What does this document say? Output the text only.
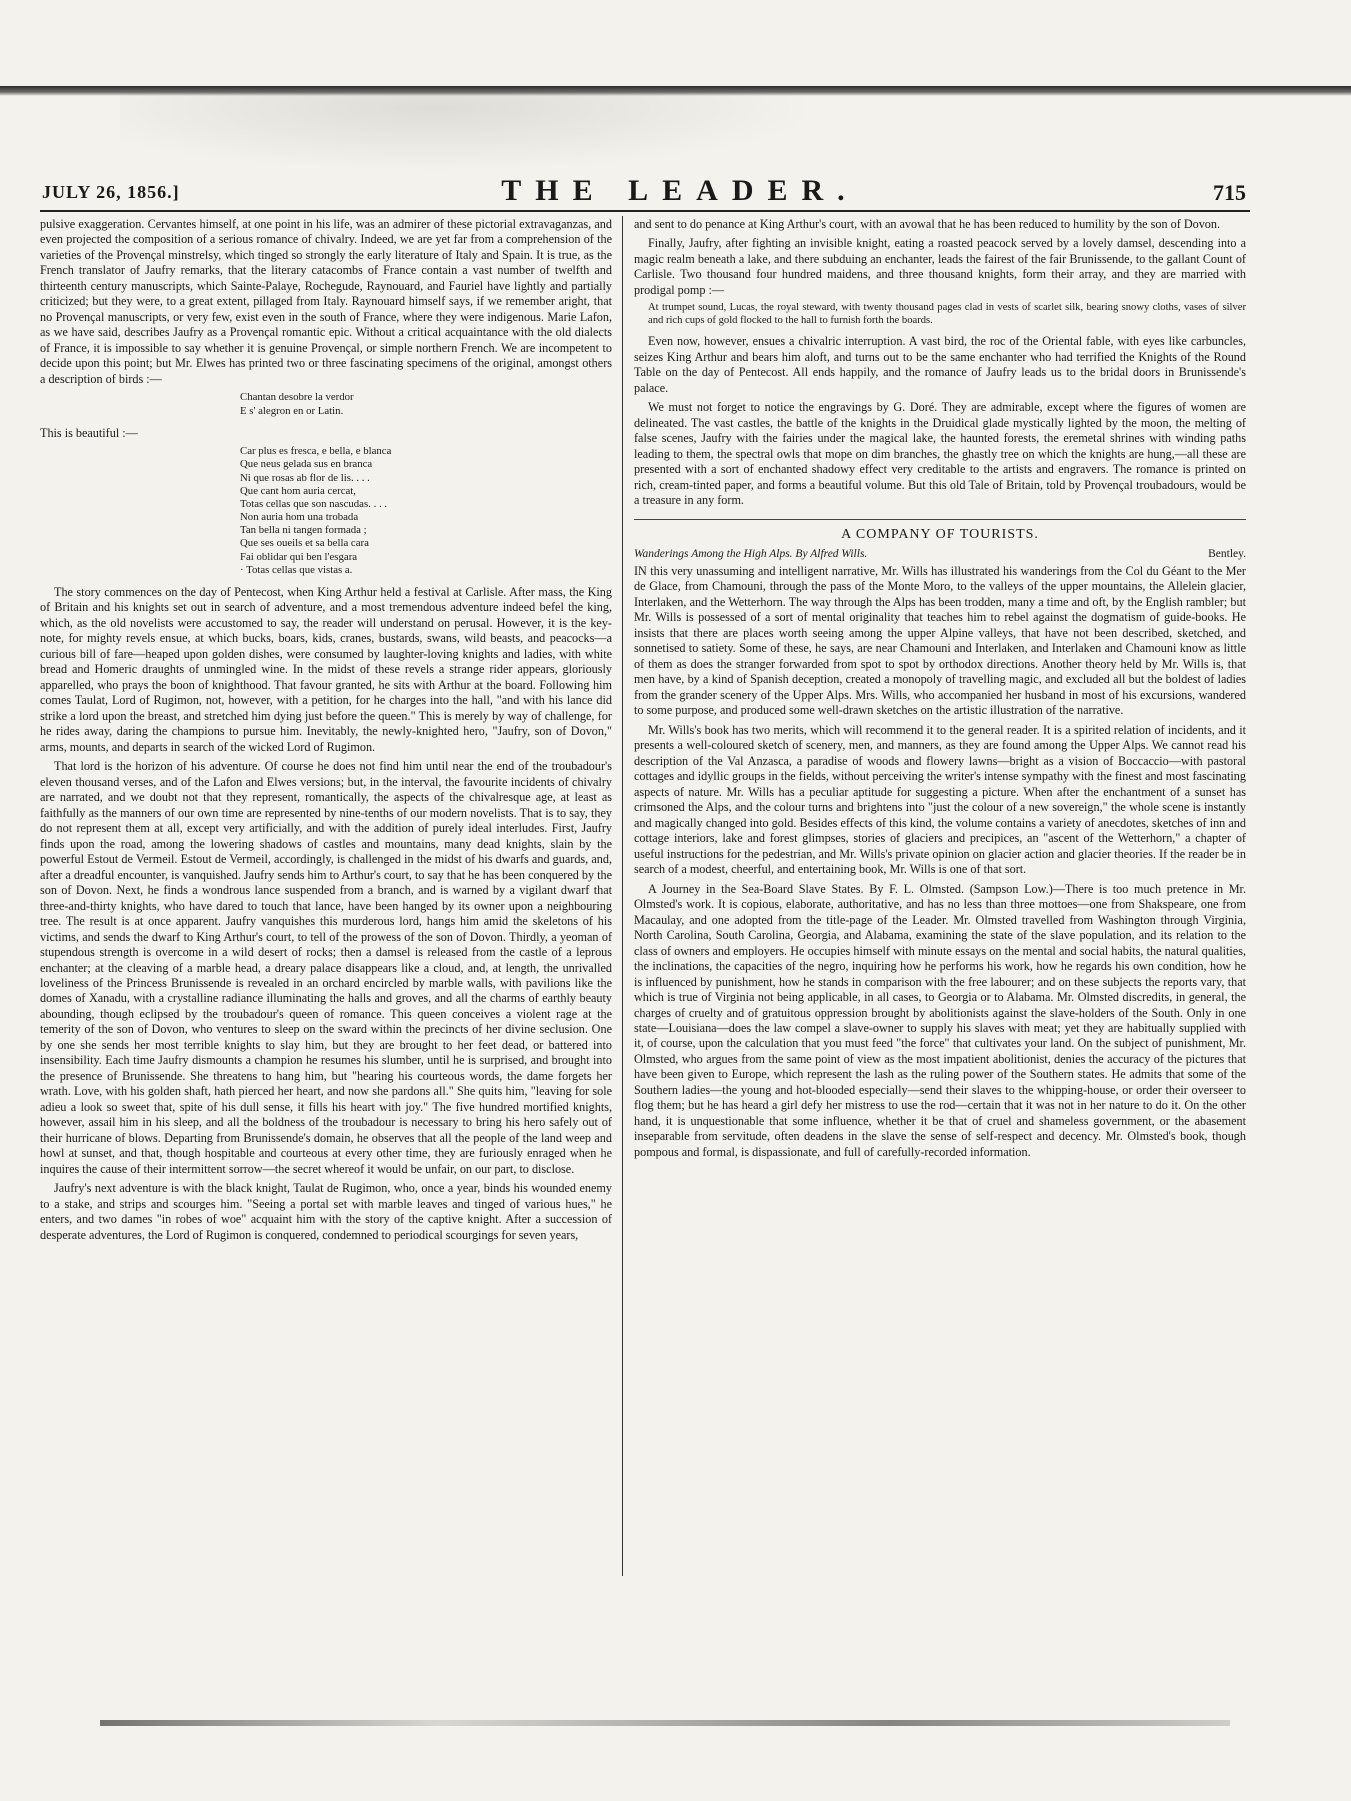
JULY 26, 1856.]	THE LEADER.	715

pulsive exaggeration. Cervantes himself, at one point in his life, was an admirer of these pictorial extravaganzas, and even projected the composition of a serious romance of chivalry. Indeed, we are yet far from a comprehension of the varieties of the Provençal minstrelsy, which tinged so strongly the early literature of Italy and Spain. It is true, as the French translator of Jaufry remarks, that the literary catacombs of France contain a vast number of twelfth and thirteenth century manuscripts, which Sainte-Palaye, Rochegude, Raynouard, and Fauriel have lightly and partially criticized; but they were, to a great extent, pillaged from Italy. Raynouard himself says, if we remember aright, that no Provençal manuscripts, or very few, exist even in the south of France, where they were indigenous. Marie Lafon, as we have said, describes Jaufry as a Provençal romantic epic. Without a critical acquaintance with the old dialects of France, it is impossible to say whether it is genuine Provençal, or simple northern French. We are incompetent to decide upon this point; but Mr. Elwes has printed two or three fascinating specimens of the original, amongst others a description of birds :—

Chantan desobre la verdor
E s' alegron en or Latin.

This is beautiful :—

Car plus es fresca, e bella, e blanca
Que neus gelada sus en branca
Ni que rosas ab flor de lis. . . .
Que cant hom auria cercat,
Totas cellas que son nascudas. . . .
Non auria hom una trobada
Tan bella ni tangen formada ;
Que ses oueils et sa bella cara
Fai oblidar qui ben l'esgara
· Totas cellas que vistas a.

The story commences on the day of Pentecost, when King Arthur held a festival at Carlisle. After mass, the King of Britain and his knights set out in search of adventure, and a most tremendous adventure indeed befel the king, which, as the old novelists were accustomed to say, the reader will understand on perusal. However, it is the key-note, for mighty revels ensue, at which bucks, boars, kids, cranes, bustards, swans, wild beasts, and peacocks—a curious bill of fare—heaped upon golden dishes, were consumed by laughter-loving knights and ladies, with white bread and Homeric draughts of unmingled wine. In the midst of these revels a strange rider appears, gloriously apparelled, who prays the boon of knighthood. That favour granted, he sits with Arthur at the board. Following him comes Taulat, Lord of Rugimon, not, however, with a petition, for he charges into the hall, "and with his lance did strike a lord upon the breast, and stretched him dying just before the queen." This is merely by way of challenge, for he rides away, daring the champions to pursue him. Inevitably, the newly-knighted hero, "Jaufry, son of Dovon," arms, mounts, and departs in search of the wicked Lord of Rugimon.

That lord is the horizon of his adventure. Of course he does not find him until near the end of the troubadour's eleven thousand verses, and of the Lafon and Elwes versions; but, in the interval, the favourite incidents of chivalry are narrated, and we doubt not that they represent, romantically, the aspects of the chivalresque age, at least as faithfully as the manners of our own time are represented by nine-tenths of our modern novelists. That is to say, they do not represent them at all, except very artificially, and with the addition of purely ideal interludes. First, Jaufry finds upon the road, among the lowering shadows of castles and mountains, many dead knights, slain by the powerful Estout de Vermeil. Estout de Vermeil, accordingly, is challenged in the midst of his dwarfs and guards, and, after a dreadful encounter, is vanquished. Jaufry sends him to Arthur's court, to say that he has been conquered by the son of Dovon. Next, he finds a wondrous lance suspended from a branch, and is warned by a vigilant dwarf that three-and-thirty knights, who have dared to touch that lance, have been hanged by its owner upon a neighbouring tree. The result is at once apparent. Jaufry vanquishes this murderous lord, hangs him amid the skeletons of his victims, and sends the dwarf to King Arthur's court, to tell of the prowess of the son of Dovon. Thirdly, a yeoman of stupendous strength is overcome in a wild desert of rocks; then a damsel is released from the castle of a leprous enchanter; at the cleaving of a marble head, a dreary palace disappears like a cloud, and, at length, the unrivalled loveliness of the Princess Brunissende is revealed in an orchard encircled by marble walls, with pavilions like the domes of Xanadu, with a crystalline radiance illuminating the halls and groves, and all the charms of earthly beauty abounding, though eclipsed by the troubadour's queen of romance. This queen conceives a violent rage at the temerity of the son of Dovon, who ventures to sleep on the sward within the precincts of her divine seclusion. One by one she sends her most terrible knights to slay him, but they are brought to her feet dead, or battered into insensibility. Each time Jaufry dismounts a champion he resumes his slumber, until he is surprised, and brought into the presence of Brunissende. She threatens to hang him, but "hearing his courteous words, the dame forgets her wrath. Love, with his golden shaft, hath pierced her heart, and now she pardons all." She quits him, "leaving for sole adieu a look so sweet that, spite of his dull sense, it fills his heart with joy." The five hundred mortified knights, however, assail him in his sleep, and all the boldness of the troubadour is necessary to bring his hero safely out of their hurricane of blows. Departing from Brunissende's domain, he observes that all the people of the land weep and howl at sunset, and that, though hospitable and courteous at every other time, they are furiously enraged when he inquires the cause of their intermittent sorrow—the secret whereof it would be unfair, on our part, to disclose.

Jaufry's next adventure is with the black knight, Taulat de Rugimon, who, once a year, binds his wounded enemy to a stake, and strips and scourges him. "Seeing a portal set with marble leaves and tinged of various hues," he enters, and two dames "in robes of woe" acquaint him with the story of the captive knight. After a succession of desperate adventures, the Lord of Rugimon is conquered, condemned to periodical scourgings for seven years,

and sent to do penance at King Arthur's court, with an avowal that he has been reduced to humility by the son of Dovon.

Finally, Jaufry, after fighting an invisible knight, eating a roasted peacock served by a lovely damsel, descending into a magic realm beneath a lake, and there subduing an enchanter, leads the fairest of the fair Brunissende, to the gallant Count of Carlisle. Two thousand four hundred maidens, and three thousand knights, form their array, and they are married with prodigal pomp :—

At trumpet sound, Lucas, the royal steward, with twenty thousand pages clad in vests of scarlet silk, bearing snowy cloths, vases of silver and rich cups of gold flocked to the hall to furnish forth the boards.

Even now, however, ensues a chivalric interruption. A vast bird, the roc of the Oriental fable, with eyes like carbuncles, seizes King Arthur and bears him aloft, and turns out to be the same enchanter who had terrified the Knights of the Round Table on the day of Pentecost. All ends happily, and the romance of Jaufry leads us to the bridal doors in Brunissende's palace.

We must not forget to notice the engravings by G. Doré. They are admirable, except where the figures of women are delineated. The vast castles, the battle of the knights in the Druidical glade mystically lighted by the moon, the melting of false scenes, Jaufry with the fairies under the magical lake, the haunted forests, the eremetal shrines with winding paths leading to them, the spectral owls that mope on dim branches, the ghastly tree on which the knights are hung,—all these are presented with a sort of enchanted shadowy effect very creditable to the artists and engravers. The romance is printed on rich, cream-tinted paper, and forms a beautiful volume. But this old Tale of Britain, told by Provençal troubadours, would be a treasure in any form.

A COMPANY OF TOURISTS.
Wanderings Among the High Alps. By Alfred Wills.	Bentley.

IN this very unassuming and intelligent narrative, Mr. Wills has illustrated his wanderings from the Col du Géant to the Mer de Glace, from Chamouni, through the pass of the Monte Moro, to the valleys of the upper mountains, the Allelein glacier, Interlaken, and the Wetterhorn. The way through the Alps has been trodden, many a time and oft, by the English rambler; but Mr. Wills is possessed of a sort of mental originality that teaches him to rebel against the dogmatism of guide-books. He insists that there are places worth seeing among the upper Alpine valleys, that have not been described, sketched, and sonnetised to satiety. Some of these, he says, are near Chamouni and Interlaken, and Interlaken and Chamouni know as little of them as does the stranger forwarded from spot to spot by orthodox directions. Another theory held by Mr. Wills is, that men have, by a kind of Spanish deception, created a monopoly of travelling magic, and excluded all but the boldest of ladies from the grander scenery of the Upper Alps. Mrs. Wills, who accompanied her husband in most of his excursions, wandered to some purpose, and produced some well-drawn sketches on the artistic illustration of the narrative.

Mr. Wills's book has two merits, which will recommend it to the general reader. It is a spirited relation of incidents, and it presents a well-coloured sketch of scenery, men, and manners, as they are found among the Upper Alps. We cannot read his description of the Val Anzasca, a paradise of woods and flowery lawns—bright as a vision of Boccaccio—with pastoral cottages and idyllic groups in the fields, without perceiving the writer's intense sympathy with the finest and most fascinating aspects of nature. Mr. Wills has a peculiar aptitude for suggesting a picture. When after the enchantment of a sunset has crimsoned the Alps, and the colour turns and brightens into "just the colour of a new sovereign," the whole scene is instantly and magically changed into gold. Besides effects of this kind, the volume contains a variety of anecdotes, sketches of inn and cottage interiors, lake and forest glimpses, stories of glaciers and precipices, an "ascent of the Wetterhorn," a chapter of useful instructions for the pedestrian, and Mr. Wills's private opinion on glacier action and glacier theories. If the reader be in search of a modest, cheerful, and entertaining book, Mr. Wills is one of that sort.

A Journey in the Sea-Board Slave States. By F. L. Olmsted. (Sampson Low.)—There is too much pretence in Mr. Olmsted's work. It is copious, elaborate, authoritative, and has no less than three mottoes—one from Shakspeare, one from Macaulay, and one adopted from the title-page of the Leader. Mr. Olmsted travelled from Washington through Virginia, North Carolina, South Carolina, Georgia, and Alabama, examining the state of the slave population, and its relation to the class of owners and employers. He occupies himself with minute essays on the mental and social habits, the natural qualities, the inclinations, the capacities of the negro, inquiring how he performs his work, how he regards his own condition, how he is influenced by punishment, how he stands in comparison with the free labourer; and on these subjects the reports vary, that which is true of Virginia not being applicable, in all cases, to Georgia or to Alabama. Mr. Olmsted discredits, in general, the charges of cruelty and of gratuitous oppression brought by abolitionists against the slave-holders of the South. Only in one state—Louisiana—does the law compel a slave-owner to supply his slaves with meat; yet they are habitually supplied with it, of course, upon the calculation that you must feed "the force" that cultivates your land. On the subject of punishment, Mr. Olmsted, who argues from the same point of view as the most impatient abolitionist, denies the accuracy of the pictures that have been given to Europe, which represent the lash as the ruling power of the Southern states. He admits that some of the Southern ladies—the young and hot-blooded especially—send their slaves to the whipping-house, or order their overseer to flog them; but he has heard a girl defy her mistress to use the rod—certain that it was not in her nature to do it. On the other hand, it is unquestionable that some influence, whether it be that of cruel and shameless government, or the abasement inseparable from servitude, often deadens in the slave the sense of self-respect and decency. Mr. Olmsted's book, though pompous and formal, is dispassionate, and full of carefully-recorded information.
